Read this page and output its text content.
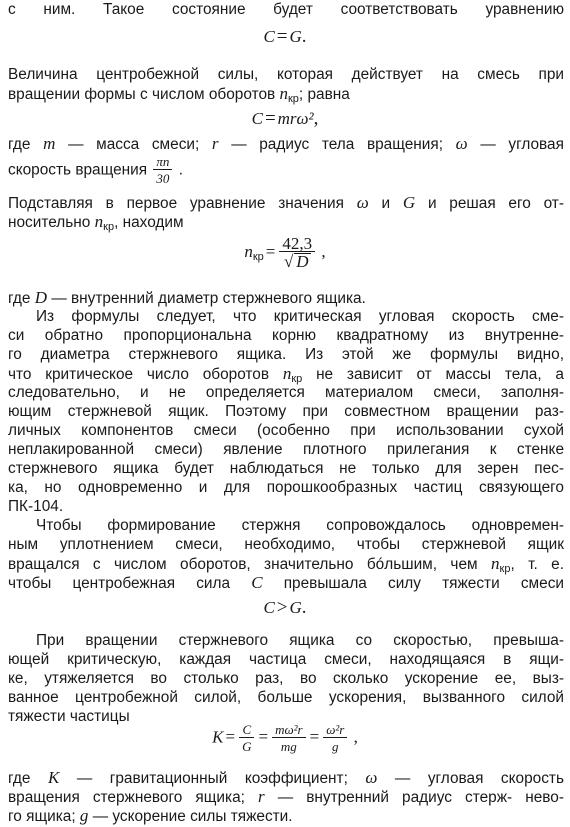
с ним. Такое состояние будет соответствовать уравнению
C = G.
Величина центробежной силы, которая действует на смесь при
вращении формы с числом оборотов $n_{кр}$; равна
C = mrω²,
где m — масса смеси; r — радиус тела вращения; ω — угловая
скорость вращения $\frac{\pi n}{30}$ .
Подставляя в первое уравнение значения ω и G и решая его от-
носительно $n_{кр}$, находим
$n_{кр} = \frac{42,3}{√ D}$ ,
где D — внутренний диаметр стержневого ящика.
Из формулы следует, что критическая угловая скорость сме-
си обратно пропорциональна корню квадратному из внутренне-
го диаметра стержневого ящика. Из этой же формулы видно,
что критическое число оборотов $n_{кр}$ не зависит от массы тела, а
следовательно, и не определяется материалом смеси, заполня-
ющим стержневой ящик. Поэтому при совместном вращении раз-
личных компонентов смеси (особенно при использовании сухой
неплакированной смеси) явление плотного прилегания к стенке
стержневого ящика будет наблюдаться не только для зерен пес-
ка, но одновременно и для порошкообразных частиц связующего
ПК-104.
Чтобы формирование стержня сопровождалось одновремен-
ным уплотнением смеси, необходимо, чтобы стержневой ящик
вращался с числом оборотов, значительно бóльшим, чем $n_{кр}$, т. е.
чтобы центробежная сила C превышала силу тяжести смеси
C > G.
При вращении стержневого ящика со скоростью, превыша-
ющей критическую, каждая частица смеси, находящаяся в ящи-
ке, утяжеляется во столько раз, во сколько ускорение ее, выз-
ванное центробежной силой, больше ускорения, вызванного силой
тяжести частицы
$K = \frac{C}{G} = \frac{\text{mω²r}}{mg} = \frac{\text{ω²r}}{g}$ ,
где K — гравитационный коэффициент; ω — угловая скорость
вращения стержневого ящика; r — внутренний радиус стерж- нево-
го ящика; g — ускорение силы тяжести.
